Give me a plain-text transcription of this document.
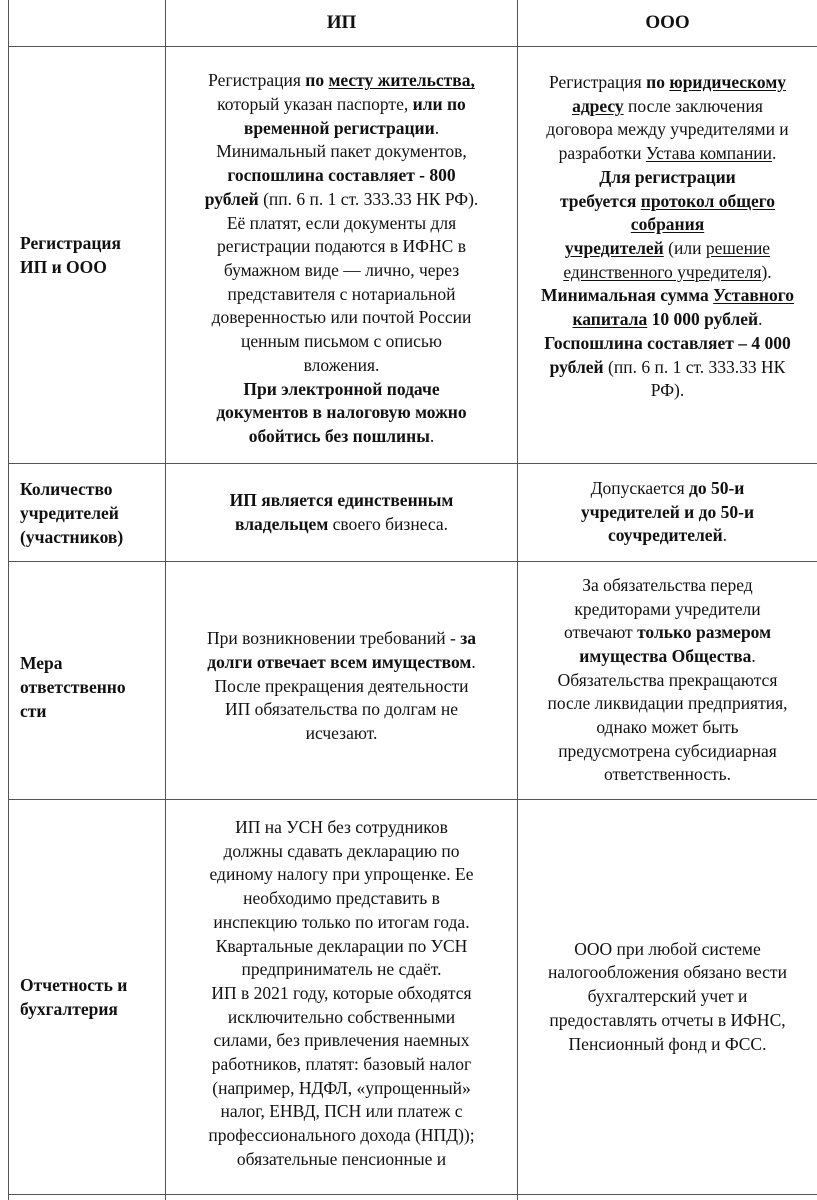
ИП	ООО
Регистрация ИП и ООО
Регистрация по месту жительства,
который указан паспорте, или по
временной регистрации.
Минимальный пакет документов,
госпошлина составляет - 800
рублей (пп. 6 п. 1 ст. 333.33 НК РФ).
Её платят, если документы для
регистрации подаются в ИФНС в
бумажном виде — лично, через
представителя с нотариальной
доверенностью или почтой России
ценным письмом с описью
вложения.
При электронной подаче
документов в налоговую можно
обойтись без пошлины.
Регистрация по юридическому
адресу после заключения
договора между учредителями и
разработки Устава компании.
Для регистрации
требуется протокол общего
собрания
учредителей (или решение
единственного учредителя).
Минимальная сумма Уставного
капитала 10 000 рублей.
Госпошлина составляет – 4 000
рублей (пп. 6 п. 1 ст. 333.33 НК
РФ).
Количество
учредителей
(участников)
ИП является единственным
владельцем своего бизнеса.
Допускается до 50-и
учредителей и до 50-и
соучредителей.
Мера
ответственно
сти
При возникновении требований - за
долги отвечает всем имуществом.
После прекращения деятельности
ИП обязательства по долгам не
исчезают.
За обязательства перед
кредиторами учредители
отвечают только размером
имущества Общества.
Обязательства прекращаются
после ликвидации предприятия,
однако может быть
предусмотрена субсидиарная
ответственность.
Отчетность и
бухгалтерия
ИП на УСН без сотрудников
должны сдавать декларацию по
единому налогу при упрощенке. Ее
необходимо представить в
инспекцию только по итогам года.
Квартальные декларации по УСН
предприниматель не сдаёт.
ИП в 2021 году, которые обходятся
исключительно собственными
силами, без привлечения наемных
работников, платят: базовый налог
(например, НДФЛ, «упрощенный»
налог, ЕНВД, ПСН или платеж с
профессионального дохода (НПД));
обязательные пенсионные и
ООО при любой системе
налогообложения обязано вести
бухгалтерский учет и
предоставлять отчеты в ИФНС,
Пенсионный фонд и ФСС.
